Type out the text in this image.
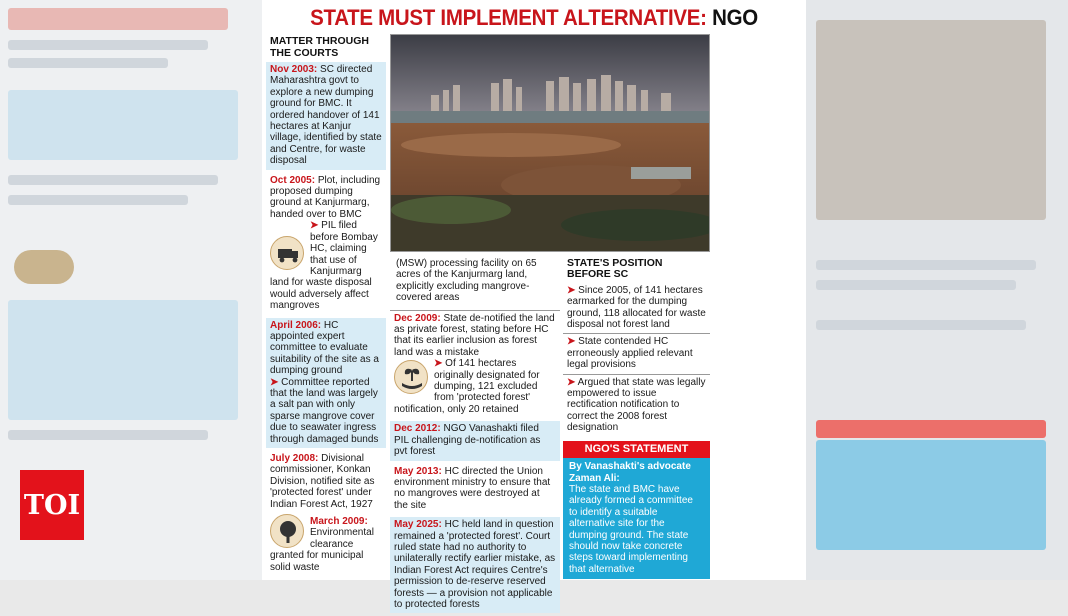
TOI
STATE MUST IMPLEMENT ALTERNATIVE: NGO
MATTER THROUGH
THE COURTS
Nov 2003: SC directed Maharashtra govt to explore a new dumping ground for BMC. It ordered handover of 141 hectares at Kanjur village, identified by state and Centre, for waste disposal
Oct 2005: Plot, including proposed dumping ground at Kanjurmarg, handed over to BMC
➤ PIL filed before Bombay HC, claiming that use of Kanjurmarg land for waste disposal would adversely affect mangroves
April 2006: HC appointed expert committee to evaluate suitability of the site as a dumping ground
➤ Committee reported that the land was largely a salt pan with only sparse mangrove cover due to seawater ingress through damaged bunds
July 2008: Divisional commissioner, Konkan Division, notified site as 'protected forest' under Indian Forest Act, 1927
March 2009: Environmental clearance granted for municipal solid waste
(MSW) processing facility on 65 acres of the Kanjurmarg land, explicitly excluding mangrove-covered areas
Dec 2009: State de-notified the land as private forest, stating before HC that its earlier inclusion as forest land was a mistake
➤ Of 141 hectares originally designated for dumping, 121 excluded from 'protected forest' notification, only 20 retained
Dec 2012: NGO Vanashakti filed PIL challenging de-notification as pvt forest
May 2013: HC directed the Union environment ministry to ensure that no mangroves were destroyed at the site
May 2025: HC held land in question remained a 'protected forest'. Court ruled state had no authority to unilaterally rectify earlier mistake, as Indian Forest Act requires Centre's permission to de-reserve reserved forests — a provision not applicable to protected forests
STATE'S POSITION BEFORE SC
➤ Since 2005, of 141 hectares earmarked for the dumping ground, 118 allocated for waste disposal not forest land
➤ State contended HC erroneously applied relevant legal provisions
➤ Argued that state was legally empowered to issue rectification notification to correct the 2008 forest designation
NGO'S STATEMENT
By Vanashakti's advocate Zaman Ali:
The state and BMC have already formed a committee to identify a suitable alternative site for the dumping ground. The state should now take concrete steps toward implementing that alternative
